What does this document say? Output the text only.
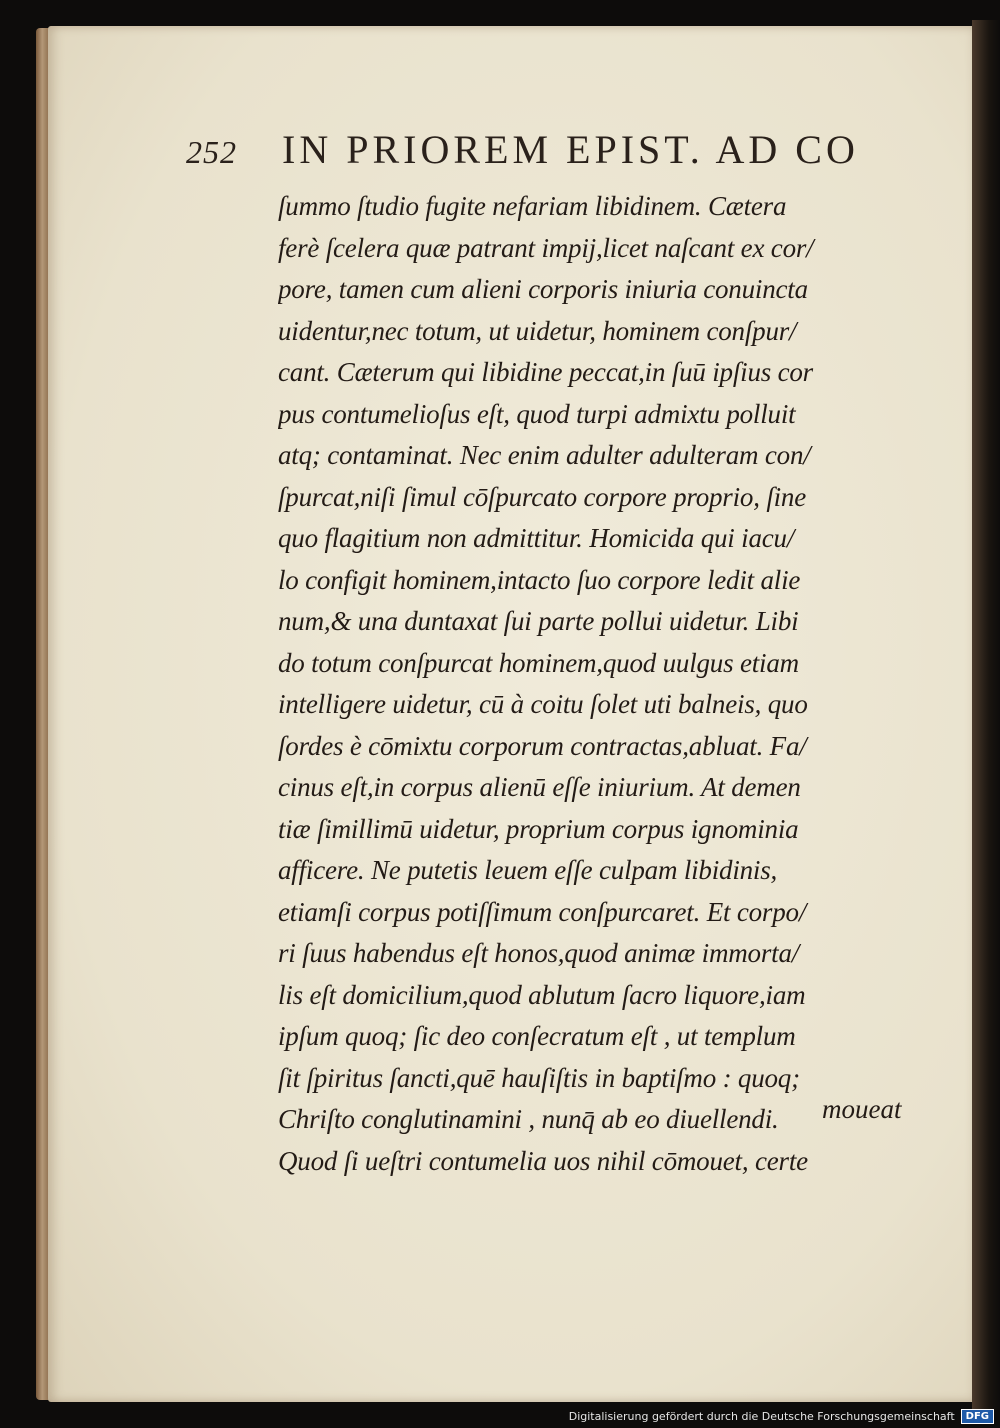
252 IN PRIOREM EPIST. AD CO
ſummo ſtudio fugite nefariam libidinem. Cætera
ferè ſcelera quæ patrant impij,licet naſcant ex cor/
pore, tamen cum alieni corporis iniuria conuincta
uidentur,nec totum, ut uidetur, hominem conſpur/
cant. Cæterum qui libidine peccat,in ſuū ipſius cor
pus contumelioſus eſt, quod turpi admixtu polluit
atq; contaminat. Nec enim adulter adulteram con/
ſpurcat,niſi ſimul cōſpurcato corpore proprio, ſine
quo flagitium non admittitur. Homicida qui iacu/
lo configit hominem,intacto ſuo corpore ledit alie
num,& una duntaxat ſui parte pollui uidetur. Libi
do totum conſpurcat hominem,quod uulgus etiam
intelligere uidetur, cū à coitu ſolet uti balneis, quo
ſordes è cōmixtu corporum contractas,abluat. Fa/
cinus eſt,in corpus alienū eſſe iniurium. At demen
tiæ ſimillimū uidetur, proprium corpus ignominia
afficere. Ne putetis leuem eſſe culpam libidinis,
etiamſi corpus potiſſimum conſpurcaret. Et corpo/
ri ſuus habendus eſt honos,quod animæ immorta/
lis eſt domicilium,quod ablutum ſacro liquore,iam
ipſum quoq; ſic deo conſecratum eſt , ut templum
ſit ſpiritus ſancti,quē hauſiſtis in baptiſmo : quoq;
Chriſto conglutinamini , nunq̄ ab eo diuellendi.
Quod ſi ueſtri contumelia uos nihil cōmouet, certe
moueat
Digitalisierung gefördert durch die Deutsche Forschungsgemeinschaft	DFG
